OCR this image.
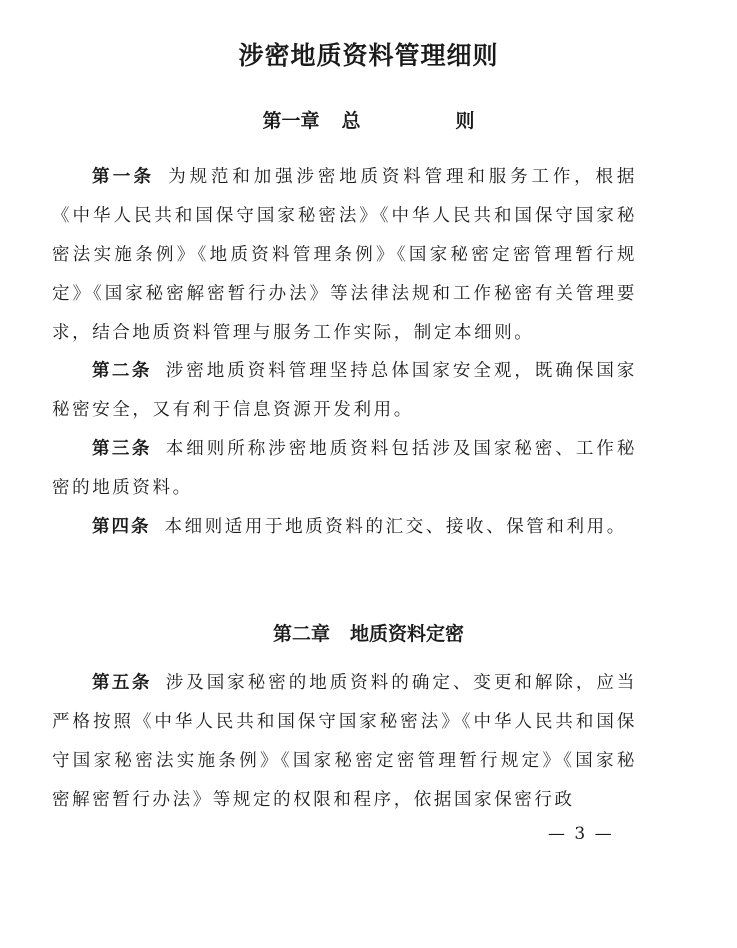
涉密地质资料管理细则
第一章 总　则
第一条 为规范和加强涉密地质资料管理和服务工作，根据《中华人民共和国保守国家秘密法》《中华人民共和国保守国家秘密法实施条例》《地质资料管理条例》《国家秘密定密管理暂行规定》《国家秘密解密暂行办法》等法律法规和工作秘密有关管理要求，结合地质资料管理与服务工作实际，制定本细则。
第二条 涉密地质资料管理坚持总体国家安全观，既确保国家秘密安全，又有利于信息资源开发利用。
第三条 本细则所称涉密地质资料包括涉及国家秘密、工作秘密的地质资料。
第四条 本细则适用于地质资料的汇交、接收、保管和利用。
第二章 地质资料定密
第五条 涉及国家秘密的地质资料的确定、变更和解除，应当严格按照《中华人民共和国保守国家秘密法》《中华人民共和国保守国家秘密法实施条例》《国家秘密定密管理暂行规定》《国家秘密解密暂行办法》等规定的权限和程序，依据国家保密行政
— 3 —
